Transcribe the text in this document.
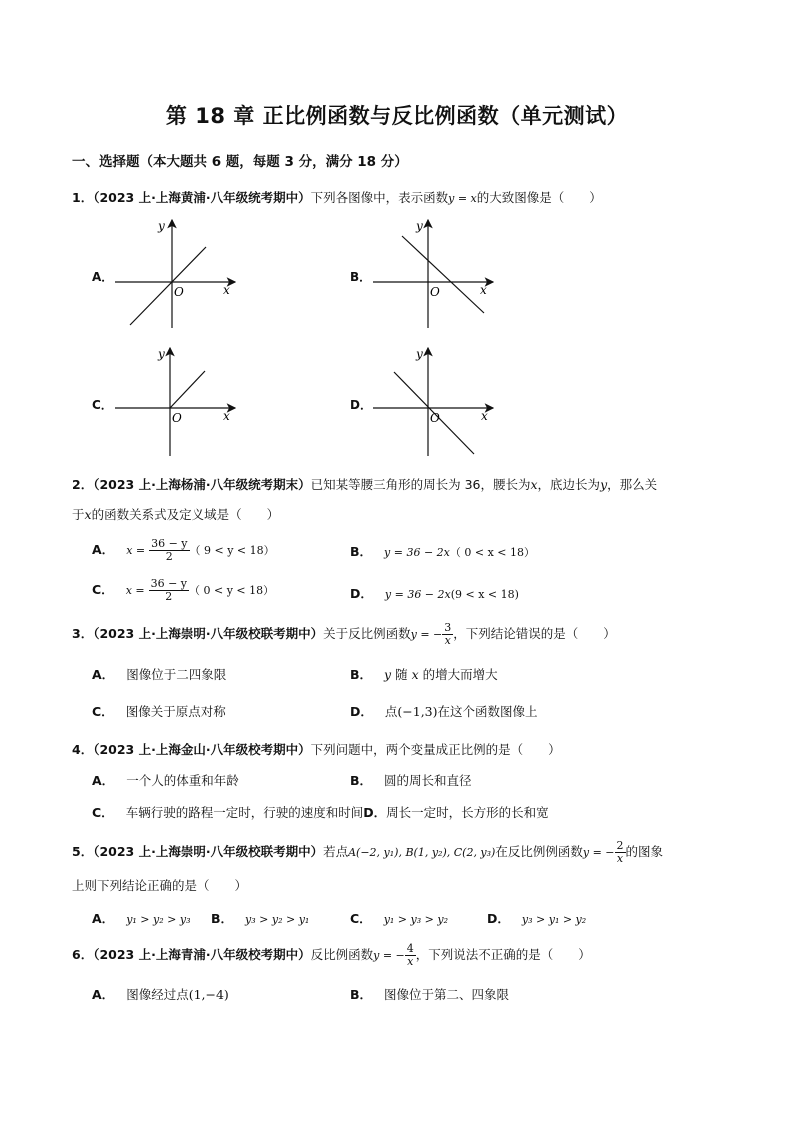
第 18 章 正比例函数与反比例函数（单元测试）
一、选择题（本大题共 6 题，每题 3 分，满分 18 分）
1．（2023 上·上海黄浦·八年级统考期中）下列各图像中，表示函数y = x的大致图像是（　　）
A．
y
x
O
B．
y
x
O
C．
y
x
O
D．
y
x
O
2．（2023 上·上海杨浦·八年级统考期末）已知某等腰三角形的周长为 36，腰长为x，底边长为y，那么关
于x的函数关系式及定义域是（　　）
A． $x = \frac{36 - y}{2}$ （ 9 < y < 18）	B． y = 36 − 2x（ 0 < x < 18）
C． $x = \frac{36 - y}{2}$ （ 0 < y < 18）	D． y = 36 − 2x(9 < x < 18)
3．（2023 上·上海崇明·八年级校联考期中）关于反比例函数y = − $\frac{3}{x}$ ，下列结论错误的是（　　）
A． 图像位于二四象限	B． y 随 x 的增大而增大
C． 图像关于原点对称	D． 点(−1,3)在这个函数图像上
4．（2023 上·上海金山·八年级校考期中）下列问题中，两个变量成正比例的是（　　）
A． 一个人的体重和年龄	B． 圆的周长和直径
C． 车辆行驶的路程一定时，行驶的速度和时间D．周长一定时，长方形的长和宽
5．（2023 上·上海崇明·八年级校联考期中）若点A(−2, y₁), B(1, y₂), C(2, y₃)在反比例例函数y = − $\frac{2}{x}$ 的图象
上则下列结论正确的是（　　）
A． y₁ > y₂ > y₃ B． y₃ > y₂ > y₁	C． y₁ > y₃ > y₂	D． y₃ > y₁ > y₂
6．（2023 上·上海青浦·八年级校考期中）反比例函数y = − $\frac{4}{x}$ ，下列说法不正确的是（　　）
A． 图像经过点(1,−4)	B． 图像位于第二、四象限
